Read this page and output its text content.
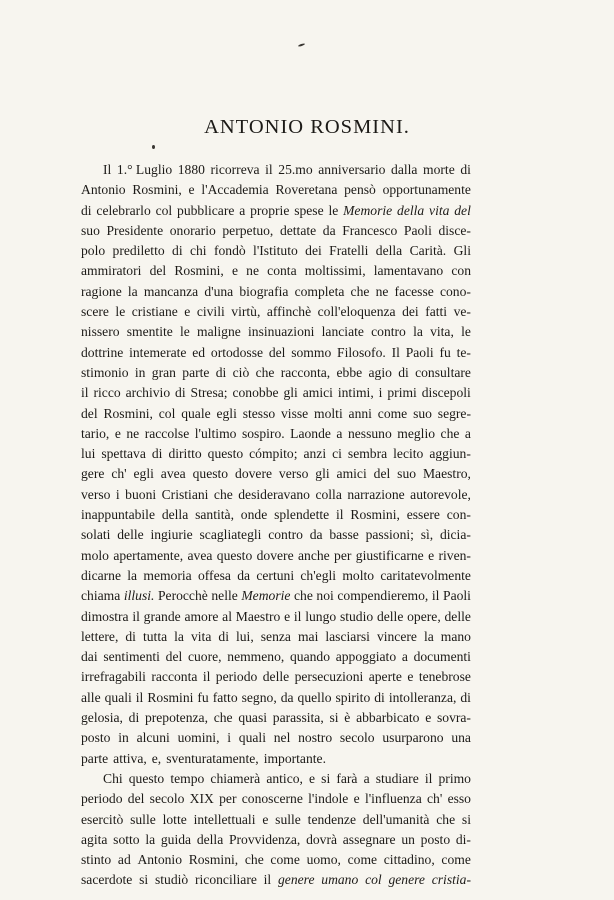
ANTONIO ROSMINI.
Il 1.° Luglio 1880 ricorreva il 25.mo anniversario dalla morte di
Antonio Rosmini, e l'Accademia Roveretana pensò opportunamente
di celebrarlo col pubblicare a proprie spese le Memorie della vita del
suo Presidente onorario perpetuo, dettate da Francesco Paoli disce-
polo prediletto di chi fondò l'Istituto dei Fratelli della Carità. Gli
ammiratori del Rosmini, e ne conta moltissimi, lamentavano con
ragione la mancanza d'una biografia completa che ne facesse cono-
scere le cristiane e civili virtù, affinchè coll'eloquenza dei fatti ve-
nissero smentite le maligne insinuazioni lanciate contro la vita, le
dottrine intemerate ed ortodosse del sommo Filosofo. Il Paoli fu te-
stimonio in gran parte di ciò che racconta, ebbe agio di consultare
il ricco archivio di Stresa; conobbe gli amici intimi, i primi discepoli
del Rosmini, col quale egli stesso visse molti anni come suo segre-
tario, e ne raccolse l'ultimo sospiro. Laonde a nessuno meglio che a
lui spettava di diritto questo cómpito; anzi ci sembra lecito aggiun-
gere ch' egli avea questo dovere verso gli amici del suo Maestro,
verso i buoni Cristiani che desideravano colla narrazione autorevole,
inappuntabile della santità, onde splendette il Rosmini, essere con-
solati delle ingiurie scagliategli contro da basse passioni; sì, dicia-
molo apertamente, avea questo dovere anche per giustificarne e riven-
dicarne la memoria offesa da certuni ch'egli molto caritatevolmente
chiama illusi. Perocchè nelle Memorie che noi compendieremo, il Paoli
dimostra il grande amore al Maestro e il lungo studio delle opere, delle
lettere, di tutta la vita di lui, senza mai lasciarsi vincere la mano
dai sentimenti del cuore, nemmeno, quando appoggiato a documenti
irrefragabili racconta il periodo delle persecuzioni aperte e tenebrose
alle quali il Rosmini fu fatto segno, da quello spirito di intolleranza, di
gelosia, di prepotenza, che quasi parassita, si è abbarbicato e sovra-
posto in alcuni uomini, i quali nel nostro secolo usurparono una
parte attiva, e, sventuratamente, importante.
Chi questo tempo chiamerà antico, e si farà a studiare il primo
periodo del secolo XIX per conoscerne l'indole e l'influenza ch' esso
esercitò sulle lotte intellettuali e sulle tendenze dell'umanità che si
agita sotto la guida della Provvidenza, dovrà assegnare un posto di-
stinto ad Antonio Rosmini, che come uomo, come cittadino, come
sacerdote si studiò riconciliare il genere umano col genere cristia-
